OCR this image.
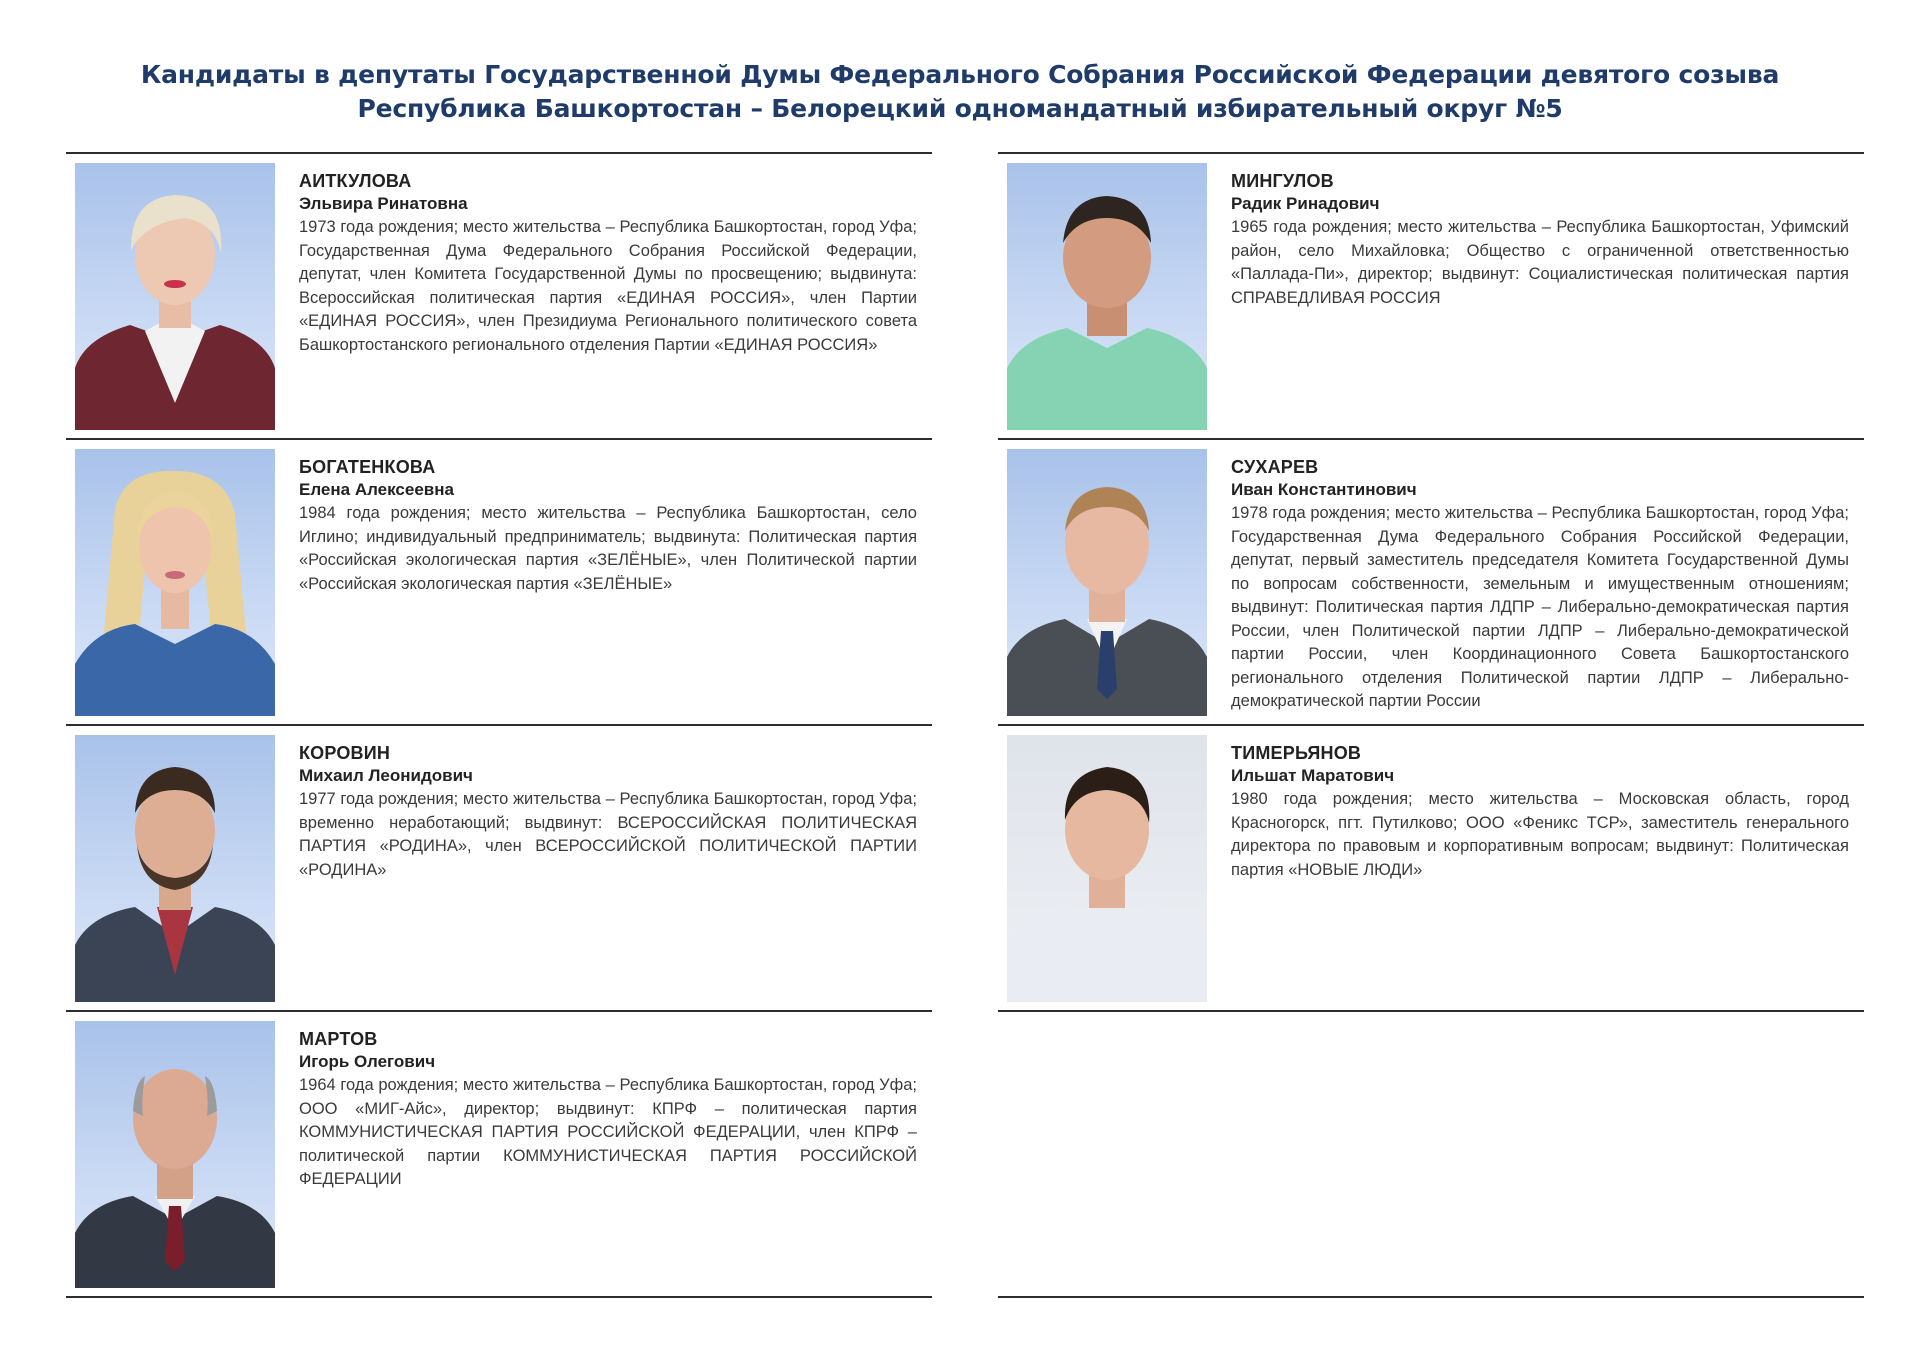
Кандидаты в депутаты Государственной Думы Федерального Собрания Российской Федерации девятого созыва
Республика Башкортостан – Белорецкий одномандатный избирательный округ №5
АИТКУЛОВА
Эльвира Ринатовна
1973 года рождения; место жительства – Республика Башкортостан, город Уфа; Государственная Дума Федерального Собрания Российской Федерации, депутат, член Комитета Государственной Думы по просвещению; выдвинута: Всероссийская политическая партия «ЕДИНАЯ РОССИЯ», член Партии «ЕДИНАЯ РОССИЯ», член Президиума Регионального политического совета Башкортостанского регионального отделения Партии «ЕДИНАЯ РОССИЯ»
БОГАТЕНКОВА
Елена Алексеевна
1984 года рождения; место жительства – Республика Башкортостан, село Иглино; индивидуальный предприниматель; выдвинута: Политическая партия «Российская экологическая партия «ЗЕЛЁНЫЕ», член Политической партии «Российская экологическая партия «ЗЕЛЁНЫЕ»
КОРОВИН
Михаил Леонидович
1977 года рождения; место жительства – Республика Башкортостан, город Уфа; временно неработающий; выдвинут: ВСЕРОССИЙСКАЯ ПОЛИТИЧЕСКАЯ ПАРТИЯ «РОДИНА», член ВСЕРОССИЙСКОЙ ПОЛИТИЧЕСКОЙ ПАРТИИ «РОДИНА»
МАРТОВ
Игорь Олегович
1964 года рождения; место жительства – Республика Башкортостан, город Уфа; ООО «МИГ-Айс», директор; выдвинут: КПРФ – политическая партия КОММУНИСТИЧЕСКАЯ ПАРТИЯ РОССИЙСКОЙ ФЕДЕРАЦИИ, член КПРФ – политической партии КОММУНИСТИЧЕСКАЯ ПАРТИЯ РОССИЙСКОЙ ФЕДЕРАЦИИ
МИНГУЛОВ
Радик Ринадович
1965 года рождения; место жительства – Республика Башкортостан, Уфимский район, село Михайловка; Общество с ограниченной ответственностью «Паллада-Пи», директор; выдвинут: Социалистическая политическая партия СПРАВЕДЛИВАЯ РОССИЯ
СУХАРЕВ
Иван Константинович
1978 года рождения; место жительства – Республика Башкортостан, город Уфа; Государственная Дума Федерального Собрания Российской Федерации, депутат, первый заместитель председателя Комитета Государственной Думы по вопросам собственности, земельным и имущественным отношениям; выдвинут: Политическая партия ЛДПР – Либерально-демократическая партия России, член Политической партии ЛДПР – Либерально-демократической партии России, член Координационного Совета Башкортостанского регионального отделения Политической партии ЛДПР – Либерально-демократической партии России
ТИМЕРЬЯНОВ
Ильшат Маратович
1980 года рождения; место жительства – Московская область, город Красногорск, пгт. Путилково; ООО «Феникс ТСР», заместитель генерального директора по правовым и корпоративным вопросам; выдвинут: Политическая партия «НОВЫЕ ЛЮДИ»
